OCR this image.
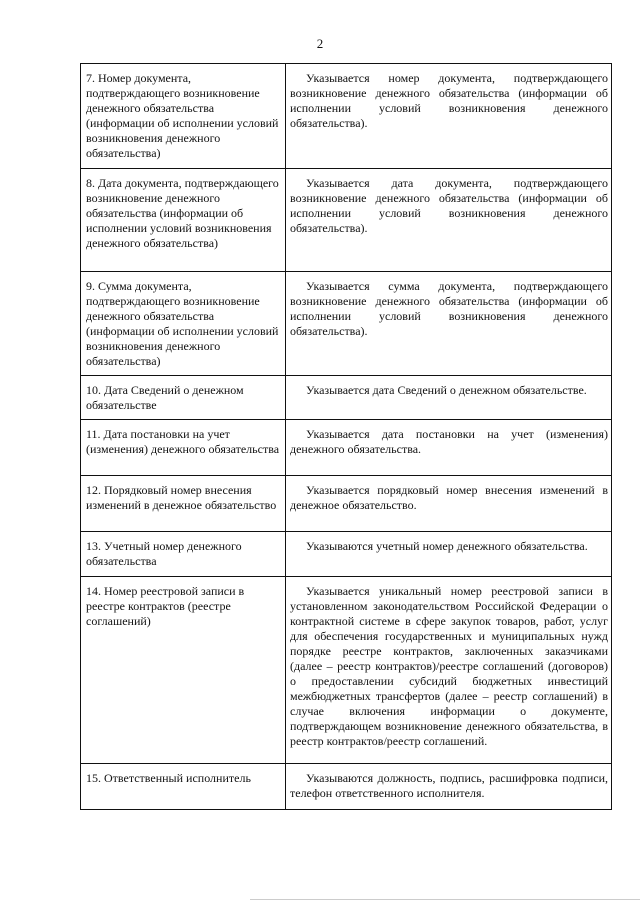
2
7. Номер документа, подтверждающего возникновение денежного обязательства (информации об исполнении условий возникновения денежного обязательства)	Указывается номер документа, подтверждающего возникновение денежного обязательства (информации об исполнении условий возникновения денежного обязательства).

8. Дата документа, подтверждающего возникновение денежного обязательства (информации об исполнении условий возникновения денежного обязательства)	Указывается дата документа, подтверждающего возникновение денежного обязательства (информации об исполнении условий возникновения денежного обязательства).

9. Сумма документа, подтверждающего возникновение денежного обязательства (информации об исполнении условий возникновения денежного обязательства)	Указывается сумма документа, подтверждающего возникновение денежного обязательства (информации об исполнении условий возникновения денежного обязательства).

10. Дата Сведений о денежном обязательстве	Указывается дата Сведений о денежном обязательстве.

11. Дата постановки на учет (изменения) денежного обязательства	Указывается дата постановки на учет (изменения) денежного обязательства.

12. Порядковый номер внесения изменений в денежное обязательство	Указывается порядковый номер внесения изменений в денежное обязательство.

13. Учетный номер денежного обязательства	Указываются учетный номер денежного обязательства.

14. Номер реестровой записи в реестре контрактов (реестре соглашений)	Указывается уникальный номер реестровой записи в установленном законодательством Российской Федерации о контрактной системе в сфере закупок товаров, работ, услуг для обеспечения государственных и муниципальных нужд порядке реестре контрактов, заключенных заказчиками (далее – реестр контрактов)/реестре соглашений (договоров) о предоставлении субсидий бюджетных инвестиций межбюджетных трансфертов (далее – реестр соглашений) в случае включения информации о документе, подтверждающем возникновение денежного обязательства, в реестр контрактов/реестр соглашений.

15. Ответственный исполнитель	Указываются должность, подпись, расшифровка подписи, телефон ответственного исполнителя.
